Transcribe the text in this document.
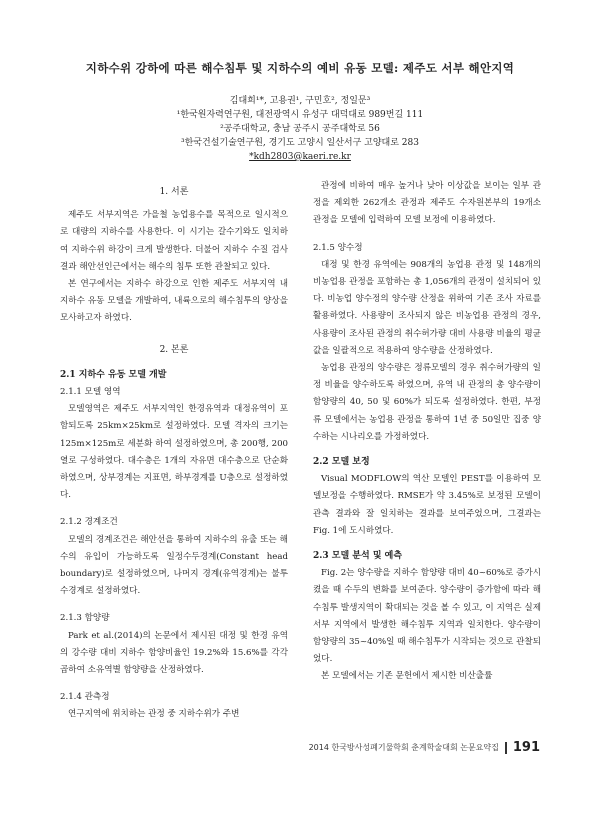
지하수위 강하에 따른 해수침투 및 지하수의 예비 유동 모델: 제주도 서부 해안지역
김대희¹*, 고용권¹, 구민호², 정일문³
¹한국원자력연구원, 대전광역시 유성구 대덕대로 989번길 111
²공주대학교, 충남 공주시 공주대학로 56
³한국건설기술연구원, 경기도 고양시 일산서구 고양대로 283
*kdh2803@kaeri.re.kr
1. 서론

제주도 서부지역은 가을철 농업용수를 목적으로 일시적으로 대량의 지하수를 사용한다. 이 시기는 갈수기와도 일치하여 지하수위 하강이 크게 발생한다. 더불어 지하수 수질 검사결과 해안선인근에서는 해수의 침투 또한 관찰되고 있다.

본 연구에서는 지하수 하강으로 인한 제주도 서부지역 내 지하수 유동 모델을 개발하여, 내륙으로의 해수침투의 양상을 모사하고자 하였다.

2. 본론
2.1 지하수 유동 모델 개발
2.1.1 모델 영역

모델영역은 제주도 서부지역인 한경유역과 대정유역이 포함되도록 25km×25km로 설정하였다. 모델 격자의 크기는 125m×125m로 세분화 하여 설정하였으며, 총 200행, 200열로 구성하였다. 대수층은 1개의 자유면 대수층으로 단순화하였으며, 상부경계는 지표면, 하부경계를 U층으로 설정하였다.

2.1.2 경계조건

모델의 경계조건은 해안선을 통하여 지하수의 유출 또는 해수의 유입이 가능하도록 일정수두경계(Constant head boundary)로 설정하였으며, 나머지 경계(유역경계)는 불투수경계로 설정하였다.

2.1.3 함양량

Park et al.(2014)의 논문에서 제시된 대정 및 한경 유역의 강수량 대비 지하수 함양비율인 19.2%와 15.6%를 각각 곱하여 소유역별 함양량을 산정하였다.

2.1.4 관측정

연구지역에 위치하는 관정 중 지하수위가 주변

관정에 비하여 매우 높거나 낮아 이상값을 보이는 일부 관정을 제외한 262개소 관정과 제주도 수자원본부의 19개소 관정을 모델에 입력하여 모델 보정에 이용하였다.

2.1.5 양수정

대정 및 한경 유역에는 908개의 농업용 관정 및 148개의 비농업용 관정을 포함하는 총 1,056개의 관정이 설치되어 있다. 비농업 양수정의 양수량 산정을 위하여 기존 조사 자료를 활용하였다. 사용량이 조사되지 않은 비농업용 관정의 경우, 사용량이 조사된 관정의 취수허가량 대비 사용량 비율의 평균값을 일괄적으로 적용하여 양수량을 산정하였다.

농업용 관정의 양수량은 정류모델의 경우 취수허가량의 일정 비율을 양수하도록 하였으며, 유역 내 관정의 총 양수량이 함양량의 40, 50 및 60%가 되도록 설정하였다. 한편, 부정류 모델에서는 농업용 관정을 통하여 1년 중 50일만 집중 양수하는 시나리오를 가정하였다.

2.2 모델 보정

Visual MODFLOW의 역산 모델인 PEST를 이용하여 모델보정을 수행하였다. RMSE가 약 3.45%로 보정된 모델이 관측 결과와 잘 일치하는 결과를 보여주었으며, 그결과는 Fig. 1에 도시하였다.

2.3 모델 분석 및 예측

Fig. 2는 양수량을 지하수 함양량 대비 40~60%로 증가시켰을 때 수두의 변화를 보여준다. 양수량이 증가함에 따라 해수침투 발생지역이 확대되는 것을 볼 수 있고, 이 지역은 실제 서부 지역에서 발생한 해수침투 지역과 일치한다. 양수량이 함양량의 35~40%일 때 해수침투가 시작되는 것으로 관찰되었다.

본 모델에서는 기존 문헌에서 제시한 비산출률

2014 한국방사성폐기물학회 춘계학술대회 논문요약집 191
